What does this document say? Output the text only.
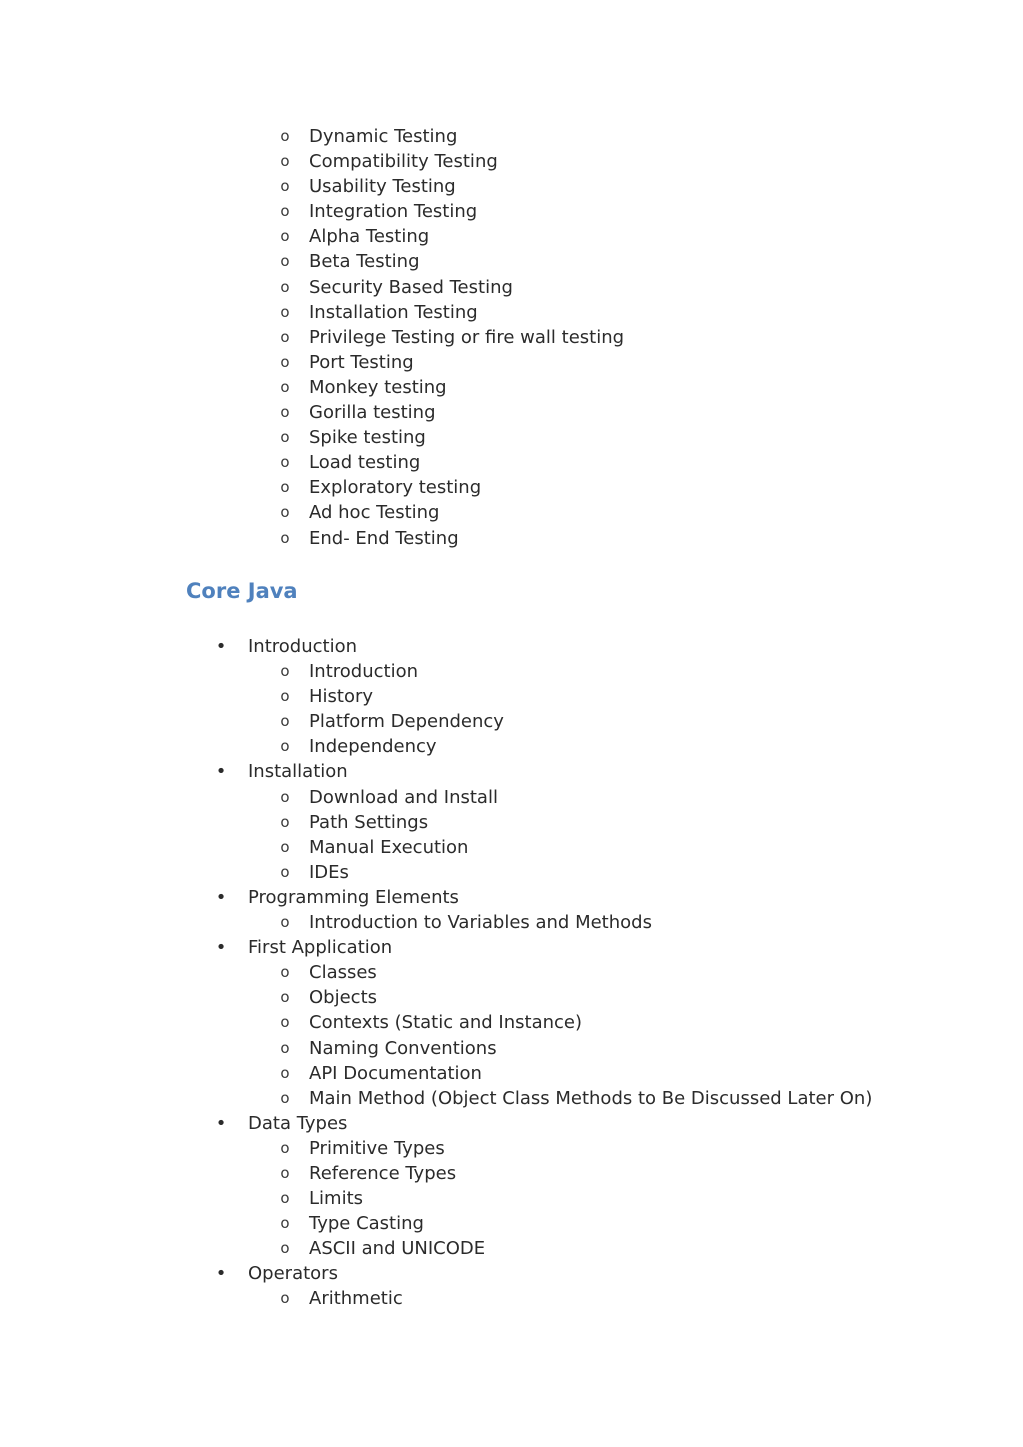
o Dynamic Testing
o Compatibility Testing
o Usability Testing
o Integration Testing
o Alpha Testing
o Beta Testing
o Security Based Testing
o Installation Testing
o Privilege Testing or fire wall testing
o Port Testing
o Monkey testing
o Gorilla testing
o Spike testing
o Load testing
o Exploratory testing
o Ad hoc Testing
o End- End Testing
Core Java
• Introduction
o Introduction
o History
o Platform Dependency
o Independency
• Installation
o Download and Install
o Path Settings
o Manual Execution
o IDEs
• Programming Elements
o Introduction to Variables and Methods
• First Application
o Classes
o Objects
o Contexts (Static and Instance)
o Naming Conventions
o API Documentation
o Main Method (Object Class Methods to Be Discussed Later On)
• Data Types
o Primitive Types
o Reference Types
o Limits
o Type Casting
o ASCII and UNICODE
• Operators
o Arithmetic
